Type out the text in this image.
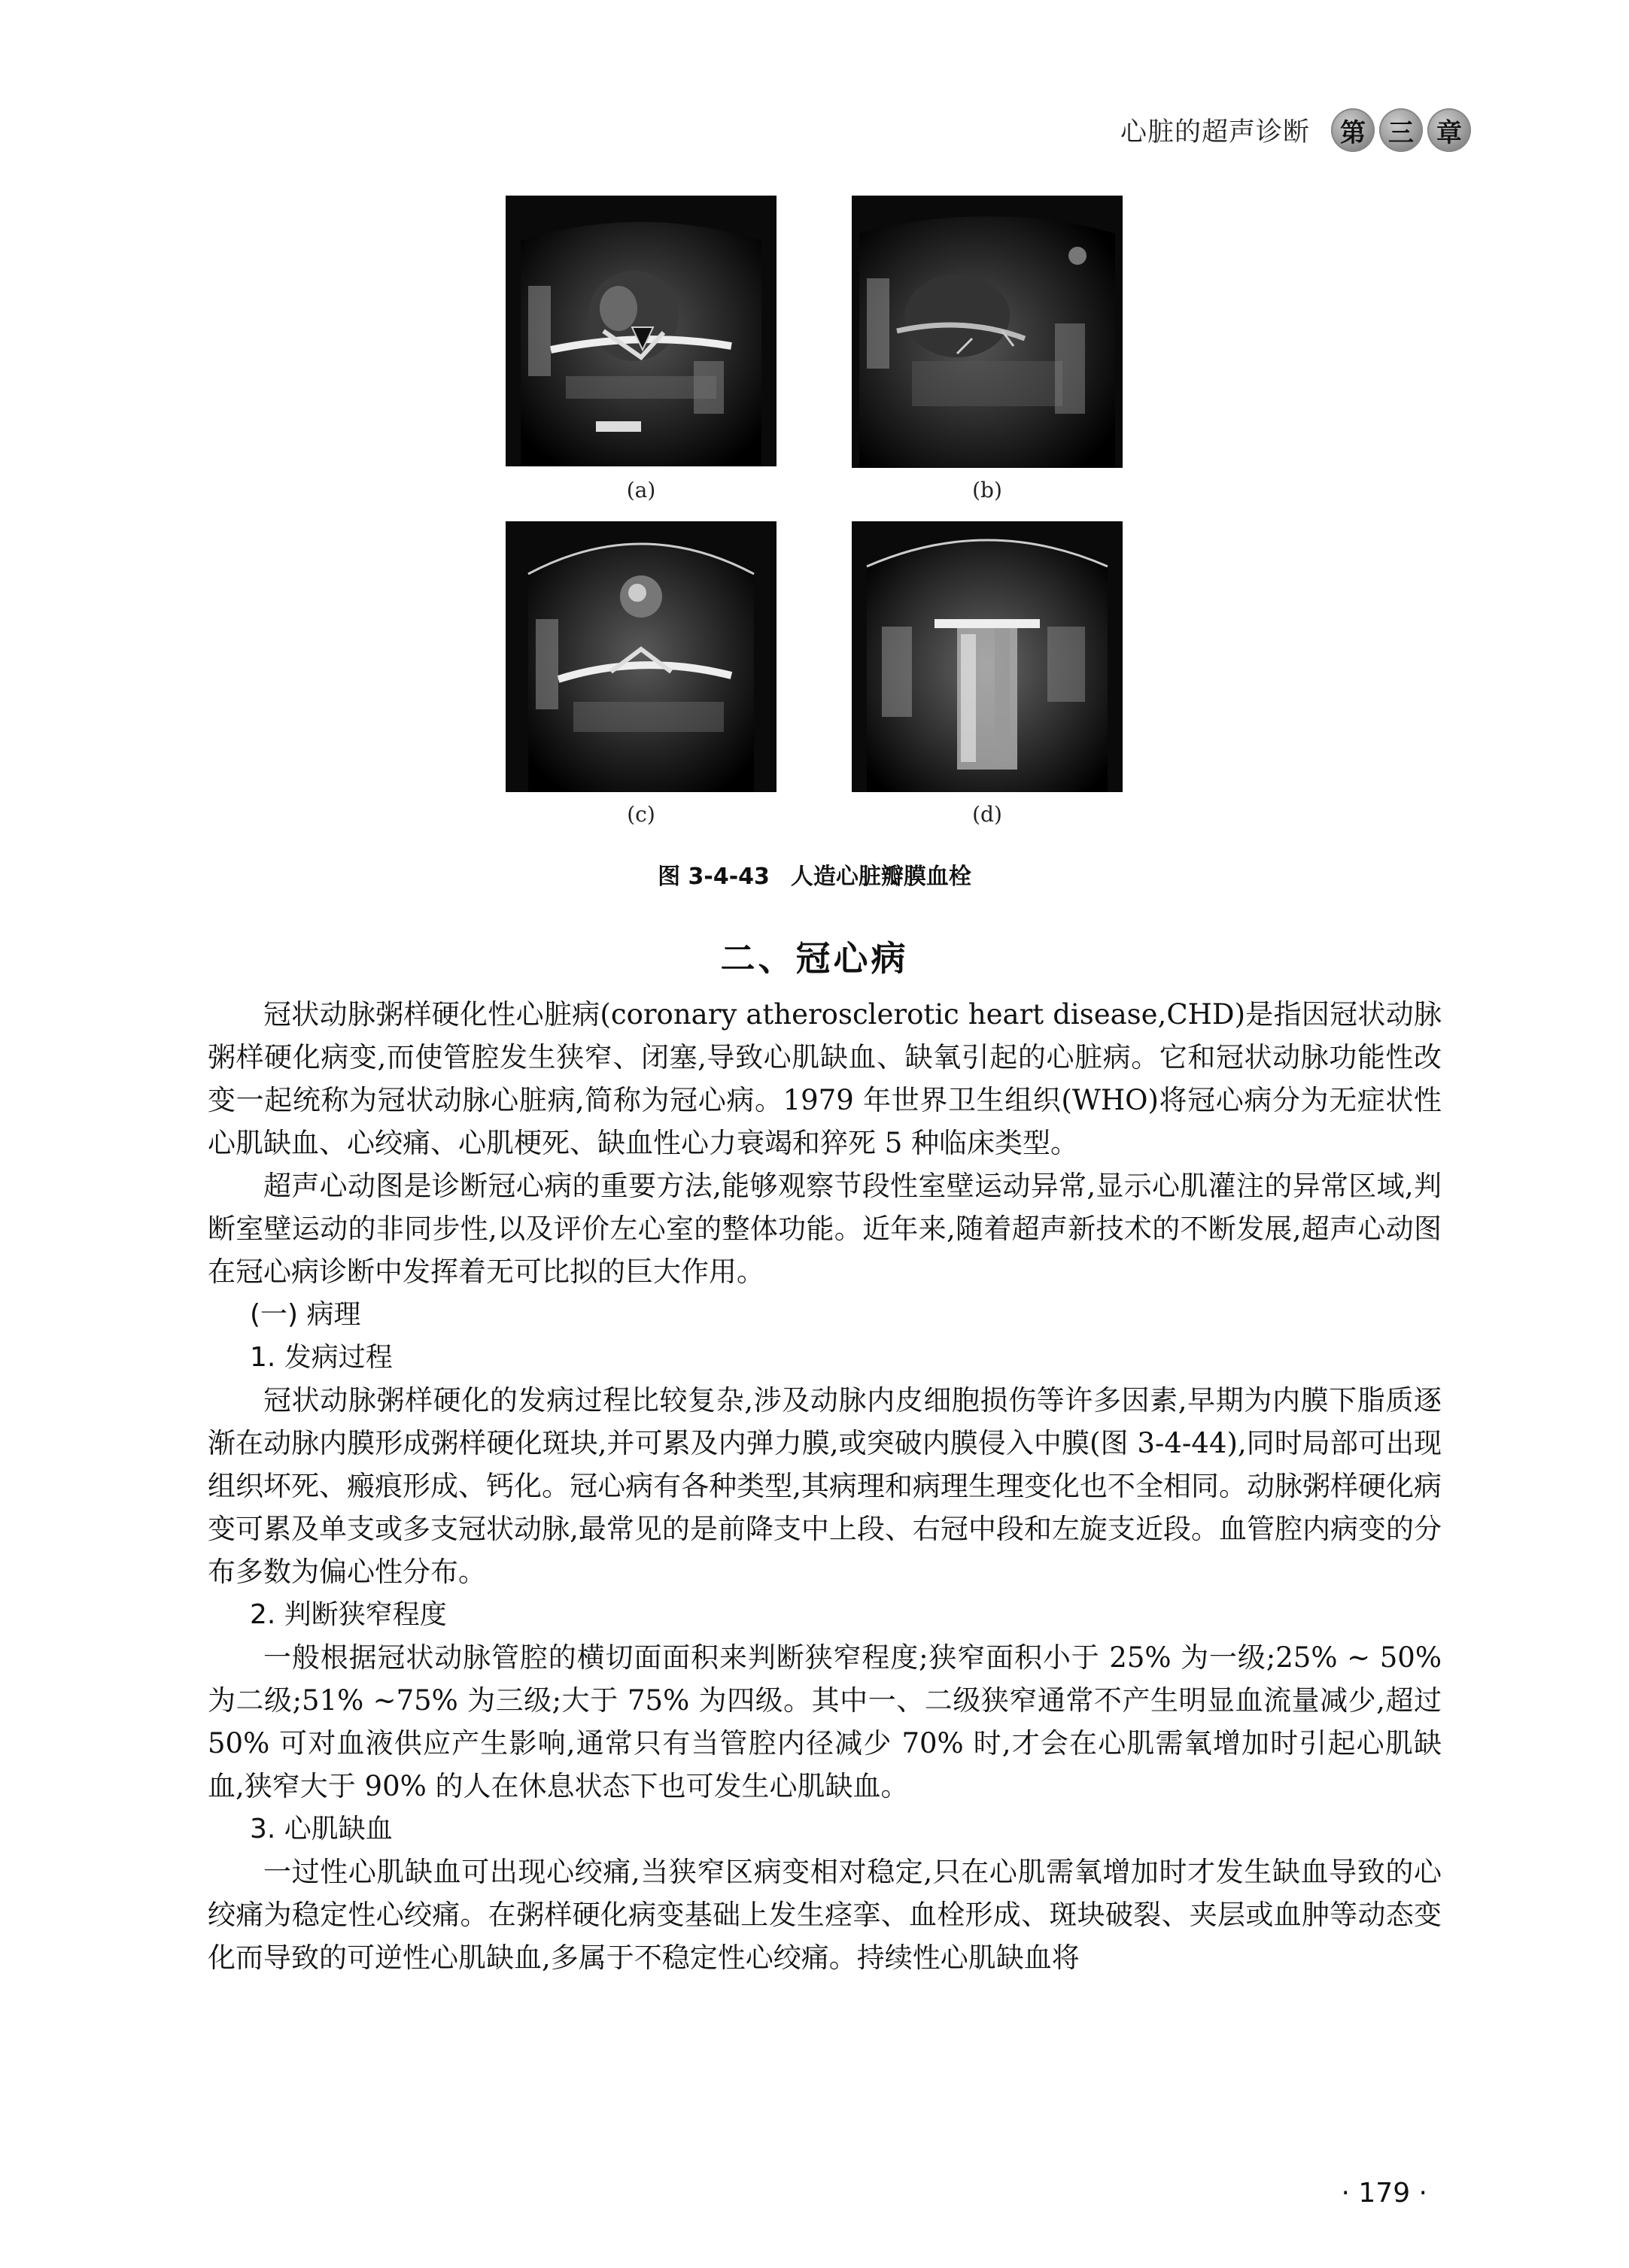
心脏的超声诊断	第 三 章
(a)	(b)
(c)	(d)
图 3-4-43 人造心脏瓣膜血栓
二、冠心病

冠状动脉粥样硬化性心脏病(coronary atherosclerotic heart disease,CHD)是指因冠状动脉粥样硬化病变,而使管腔发生狭窄、闭塞,导致心肌缺血、缺氧引起的心脏病。它和冠状动脉功能性改变一起统称为冠状动脉心脏病,简称为冠心病。1979 年世界卫生组织(WHO)将冠心病分为无症状性心肌缺血、心绞痛、心肌梗死、缺血性心力衰竭和猝死 5 种临床类型。

超声心动图是诊断冠心病的重要方法,能够观察节段性室壁运动异常,显示心肌灌注的异常区域,判断室壁运动的非同步性,以及评价左心室的整体功能。近年来,随着超声新技术的不断发展,超声心动图在冠心病诊断中发挥着无可比拟的巨大作用。

(一) 病理

1. 发病过程

冠状动脉粥样硬化的发病过程比较复杂,涉及动脉内皮细胞损伤等许多因素,早期为内膜下脂质逐渐在动脉内膜形成粥样硬化斑块,并可累及内弹力膜,或突破内膜侵入中膜(图 3-4-44),同时局部可出现组织坏死、瘢痕形成、钙化。冠心病有各种类型,其病理和病理生理变化也不全相同。动脉粥样硬化病变可累及单支或多支冠状动脉,最常见的是前降支中上段、右冠中段和左旋支近段。血管腔内病变的分布多数为偏心性分布。

2. 判断狭窄程度

一般根据冠状动脉管腔的横切面面积来判断狭窄程度;狭窄面积小于 25% 为一级;25% ~ 50% 为二级;51% ~75% 为三级;大于 75% 为四级。其中一、二级狭窄通常不产生明显血流量减少,超过 50% 可对血液供应产生影响,通常只有当管腔内径减少 70% 时,才会在心肌需氧增加时引起心肌缺血,狭窄大于 90% 的人在休息状态下也可发生心肌缺血。

3. 心肌缺血

一过性心肌缺血可出现心绞痛,当狭窄区病变相对稳定,只在心肌需氧增加时才发生缺血导致的心绞痛为稳定性心绞痛。在粥样硬化病变基础上发生痉挛、血栓形成、斑块破裂、夹层或血肿等动态变化而导致的可逆性心肌缺血,多属于不稳定性心绞痛。持续性心肌缺血将

· 179 ·
